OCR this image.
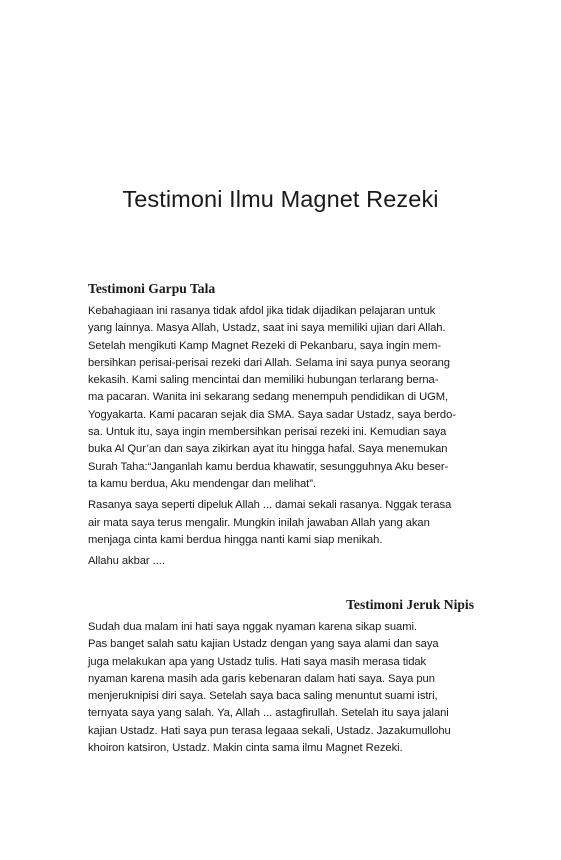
Testimoni Ilmu Magnet Rezeki
Testimoni Garpu Tala

Kebahagiaan ini rasanya tidak afdol jika tidak dijadikan pelajaran untuk
yang lainnya. Masya Allah, Ustadz, saat ini saya memiliki ujian dari Allah.
Setelah mengikuti Kamp Magnet Rezeki di Pekanbaru, saya ingin mem-
bersihkan perisai-perisai rezeki dari Allah. Selama ini saya punya seorang
kekasih. Kami saling mencintai dan memiliki hubungan terlarang berna-
ma pacaran. Wanita ini sekarang sedang menempuh pendidikan di UGM,
Yogyakarta. Kami pacaran sejak dia SMA. Saya sadar Ustadz, saya berdo-
sa. Untuk itu, saya ingin membersihkan perisai rezeki ini. Kemudian saya
buka Al Qur’an dan saya zikirkan ayat itu hingga hafal. Saya menemukan
Surah Taha:“Janganlah kamu berdua khawatir, sesungguhnya Aku beser-
ta kamu berdua, Aku mendengar dan melihat”.

Rasanya saya seperti dipeluk Allah ... damai sekali rasanya. Nggak terasa
air mata saya terus mengalir. Mungkin inilah jawaban Allah yang akan
menjaga cinta kami berdua hingga nanti kami siap menikah.

Allahu akbar ....

Testimoni Jeruk Nipis

Sudah dua malam ini hati saya nggak nyaman karena sikap suami.
Pas banget salah satu kajian Ustadz dengan yang saya alami dan saya
juga melakukan apa yang Ustadz tulis. Hati saya masih merasa tidak
nyaman karena masih ada garis kebenaran dalam hati saya. Saya pun
menjeruknipisi diri saya. Setelah saya baca saling menuntut suami istri,
ternyata saya yang salah. Ya, Allah ... astagfirullah. Setelah itu saya jalani
kajian Ustadz. Hati saya pun terasa legaaa sekali, Ustadz. Jazakumullohu
khoiron katsiron, Ustadz. Makin cinta sama ilmu Magnet Rezeki.
